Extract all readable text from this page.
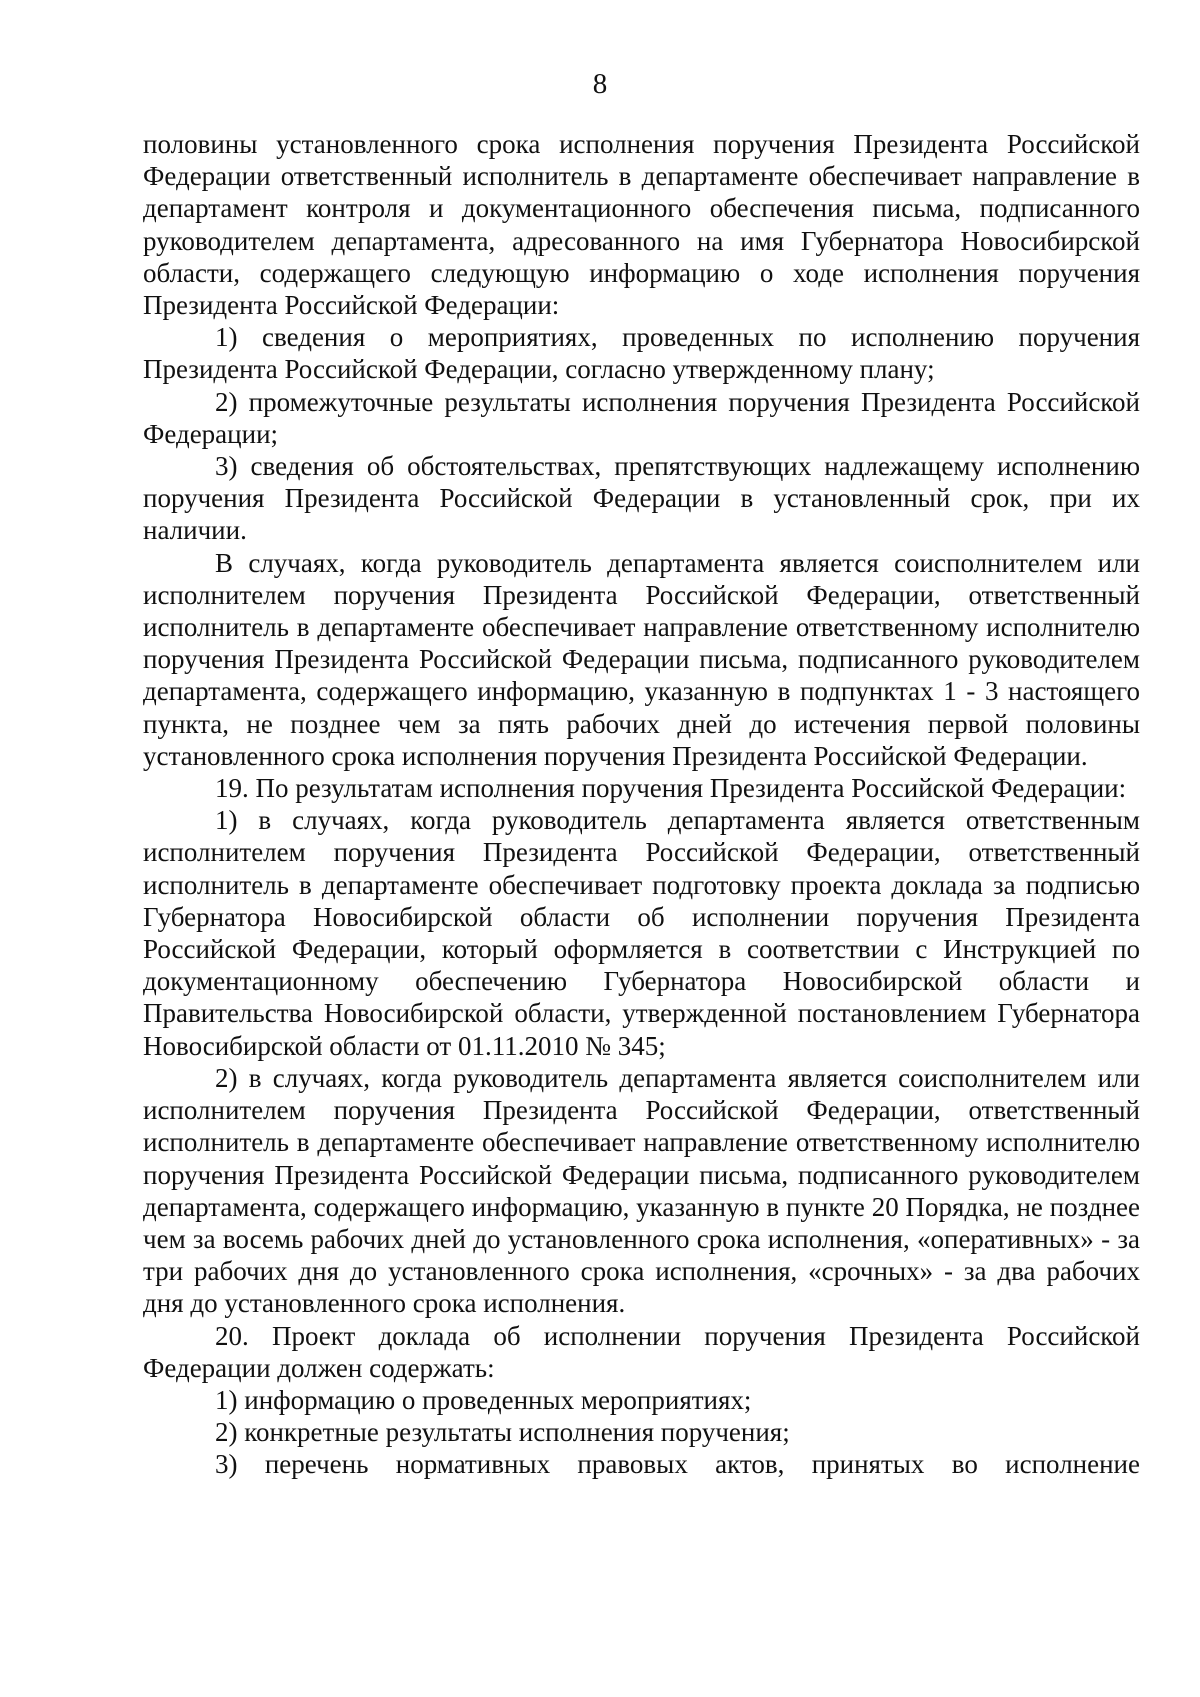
8

половины установленного срока исполнения поручения Президента Российской Федерации ответственный исполнитель в департаменте обеспечивает направление в департамент контроля и документационного обеспечения письма, подписанного руководителем департамента, адресованного на имя Губернатора Новосибирской области, содержащего следующую информацию о ходе исполнения поручения Президента Российской Федерации:

1) сведения о мероприятиях, проведенных по исполнению поручения Президента Российской Федерации, согласно утвержденному плану;

2) промежуточные результаты исполнения поручения Президента Российской Федерации;

3) сведения об обстоятельствах, препятствующих надлежащему исполнению поручения Президента Российской Федерации в установленный срок, при их наличии.

В случаях, когда руководитель департамента является соисполнителем или исполнителем поручения Президента Российской Федерации, ответственный исполнитель в департаменте обеспечивает направление ответственному исполнителю поручения Президента Российской Федерации письма, подписанного руководителем департамента, содержащего информацию, указанную в подпунктах 1 - 3 настоящего пункта, не позднее чем за пять рабочих дней до истечения первой половины установленного срока исполнения поручения Президента Российской Федерации.

19. По результатам исполнения поручения Президента Российской Федерации:

1) в случаях, когда руководитель департамента является ответственным исполнителем поручения Президента Российской Федерации, ответственный исполнитель в департаменте обеспечивает подготовку проекта доклада за подписью Губернатора Новосибирской области об исполнении поручения Президента Российской Федерации, который оформляется в соответствии с Инструкцией по документационному обеспечению Губернатора Новосибирской области и Правительства Новосибирской области, утвержденной постановлением Губернатора Новосибирской области от 01.11.2010 № 345;

2) в случаях, когда руководитель департамента является соисполнителем или исполнителем поручения Президента Российской Федерации, ответственный исполнитель в департаменте обеспечивает направление ответственному исполнителю поручения Президента Российской Федерации письма, подписанного руководителем департамента, содержащего информацию, указанную в пункте 20 Порядка, не позднее чем за восемь рабочих дней до установленного срока исполнения, «оперативных» - за три рабочих дня до установленного срока исполнения, «срочных» - за два рабочих дня до установленного срока исполнения.

20. Проект доклада об исполнении поручения Президента Российской Федерации должен содержать:

1) информацию о проведенных мероприятиях;

2) конкретные результаты исполнения поручения;

3) перечень нормативных правовых актов, принятых во исполнение
